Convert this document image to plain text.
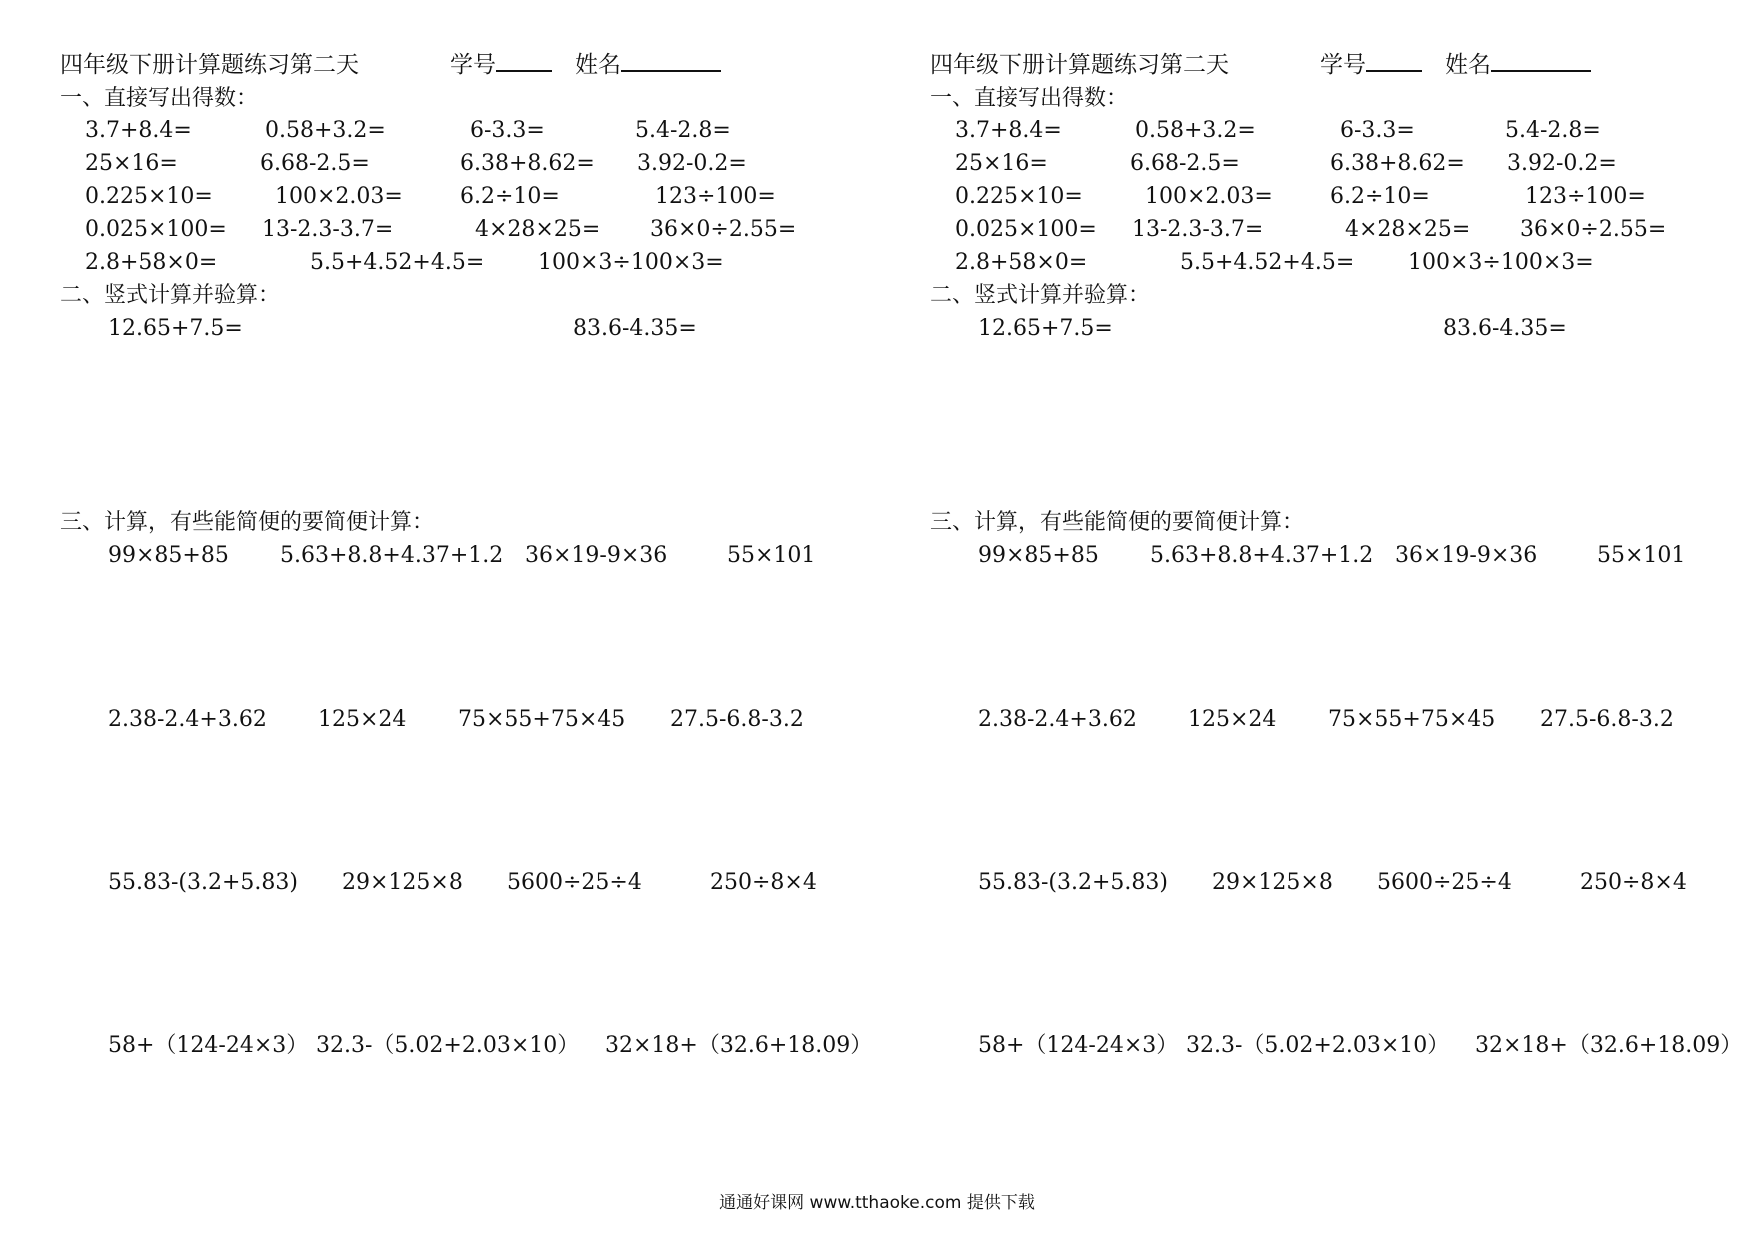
四年级下册计算题练习第二天	学号	姓名
一、直接写出得数：
3.7+8.4=	0.58+3.2=	6-3.3=	5.4-2.8=
25×16=	6.68-2.5=	6.38+8.62= 3.92-0.2=
0.225×10=	100×2.03=	6.2÷10=	123÷100=
0.025×100= 13-2.3-3.7=	4×28×25= 36×0÷2.55=
2.8+58×0=	5.5+4.52+4.5= 100×3÷100×3=
二、竖式计算并验算：
12.65+7.5=	83.6-4.35=
三、计算，有些能简便的要简便计算：
99×85+85 5.63+8.8+4.37+1.2 36×19-9×36	55×101
2.38-2.4+3.62 125×24 75×55+75×45 27.5-6.8-3.2
55.83-(3.2+5.83) 29×125×8 5600÷25÷4	250÷8×4
58+（124-24×3） 32.3-（5.02+2.03×10） 32×18+（32.6+18.09）
四年级下册计算题练习第二天	学号	姓名
一、直接写出得数：
3.7+8.4=	0.58+3.2=	6-3.3=	5.4-2.8=
25×16=	6.68-2.5=	6.38+8.62= 3.92-0.2=
0.225×10=	100×2.03=	6.2÷10=	123÷100=
0.025×100= 13-2.3-3.7=	4×28×25= 36×0÷2.55=
2.8+58×0=	5.5+4.52+4.5= 100×3÷100×3=
二、竖式计算并验算：
12.65+7.5=	83.6-4.35=
三、计算，有些能简便的要简便计算：
99×85+85 5.63+8.8+4.37+1.2 36×19-9×36	55×101
2.38-2.4+3.62 125×24 75×55+75×45 27.5-6.8-3.2
55.83-(3.2+5.83) 29×125×8 5600÷25÷4	250÷8×4
58+（124-24×3） 32.3-（5.02+2.03×10） 32×18+（32.6+18.09）
通通好课网 www.tthaoke.com 提供下载
